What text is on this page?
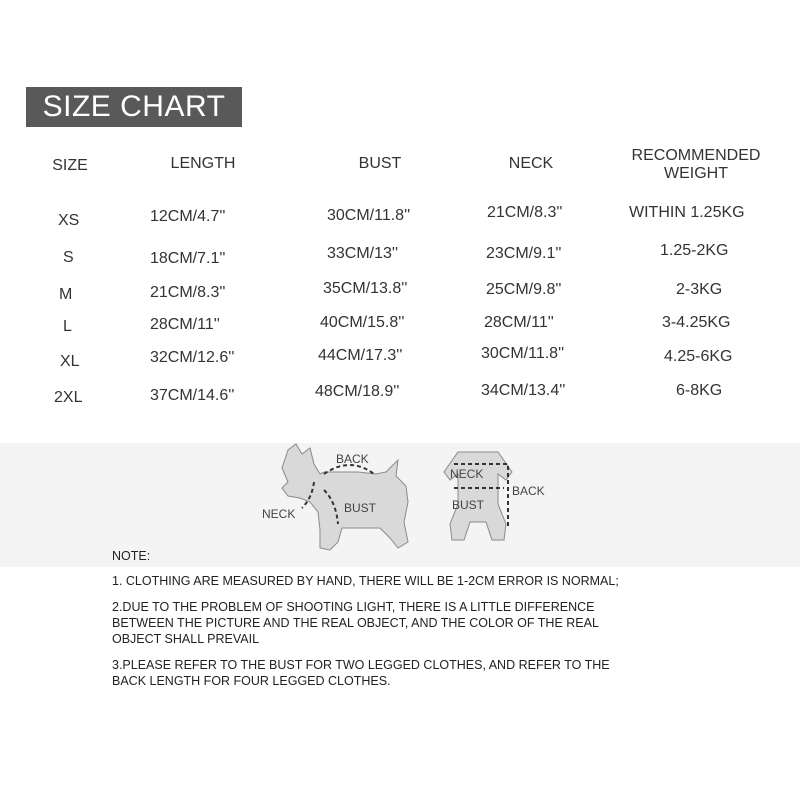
SIZE CHART
SIZE	LENGTH	BUST	NECK	RECOMMENDED
WEIGHT
XS	12CM/4.7''	30CM/11.8''	21CM/8.3''	WITHIN 1.25KG
S	18CM/7.1''	33CM/13''	23CM/9.1''	1.25-2KG
M	21CM/8.3''	35CM/13.8''	25CM/9.8''	2-3KG
L	28CM/11''	40CM/15.8''	28CM/11''	3-4.25KG
XL	32CM/12.6''	44CM/17.3''	30CM/11.8''	4.25-6KG
2XL	37CM/14.6''	48CM/18.9''	34CM/13.4''	6-8KG
BACK
NECK	BUST
NECK
BUST
BACK
NOTE:
1. CLOTHING ARE MEASURED BY HAND, THERE WILL BE 1-2CM ERROR IS NORMAL;
2.DUE TO THE PROBLEM OF SHOOTING LIGHT, THERE IS A LITTLE DIFFERENCE
BETWEEN THE PICTURE AND THE REAL OBJECT, AND THE COLOR OF THE REAL
OBJECT SHALL PREVAIL
3.PLEASE REFER TO THE BUST FOR TWO LEGGED CLOTHES, AND REFER TO THE
BACK LENGTH FOR FOUR LEGGED CLOTHES.
